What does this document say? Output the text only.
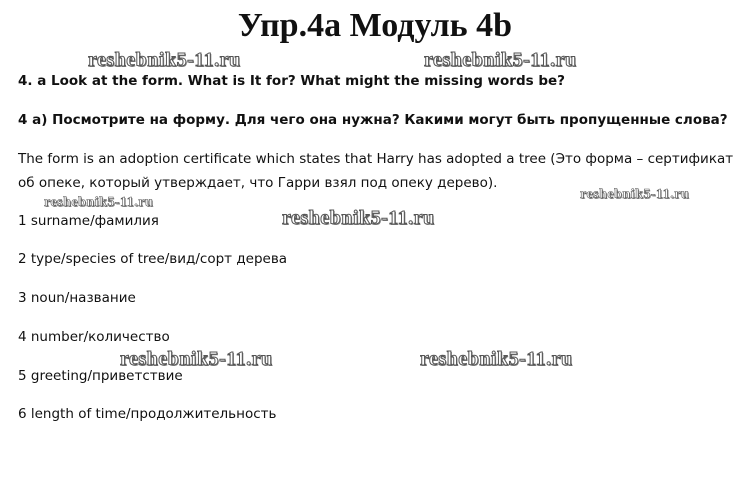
Упр.4а Модуль 4b
4. a Look at the form. What is It for? What might the missing words be?
4 а) Посмотрите на форму. Для чего она нужна? Какими могут быть пропущенные слова?
The form is an adoption certificate which states that Harry has adopted a tree (Это форма – сертификат
об опеке, который утверждает, что Гарри взял под опеку дерево).
1 surname/фамилия
2 type/species of tree/вид/сорт дерева
3 noun/название
4 number/количество
5 greeting/приветствие
6 length of time/продолжительность
reshebnik5-11.ru	reshebnik5-11.ru
reshebnik5-11.ru
reshebnik5-11.ru
reshebnik5-11.ru
reshebnik5-11.ru	reshebnik5-11.ru
